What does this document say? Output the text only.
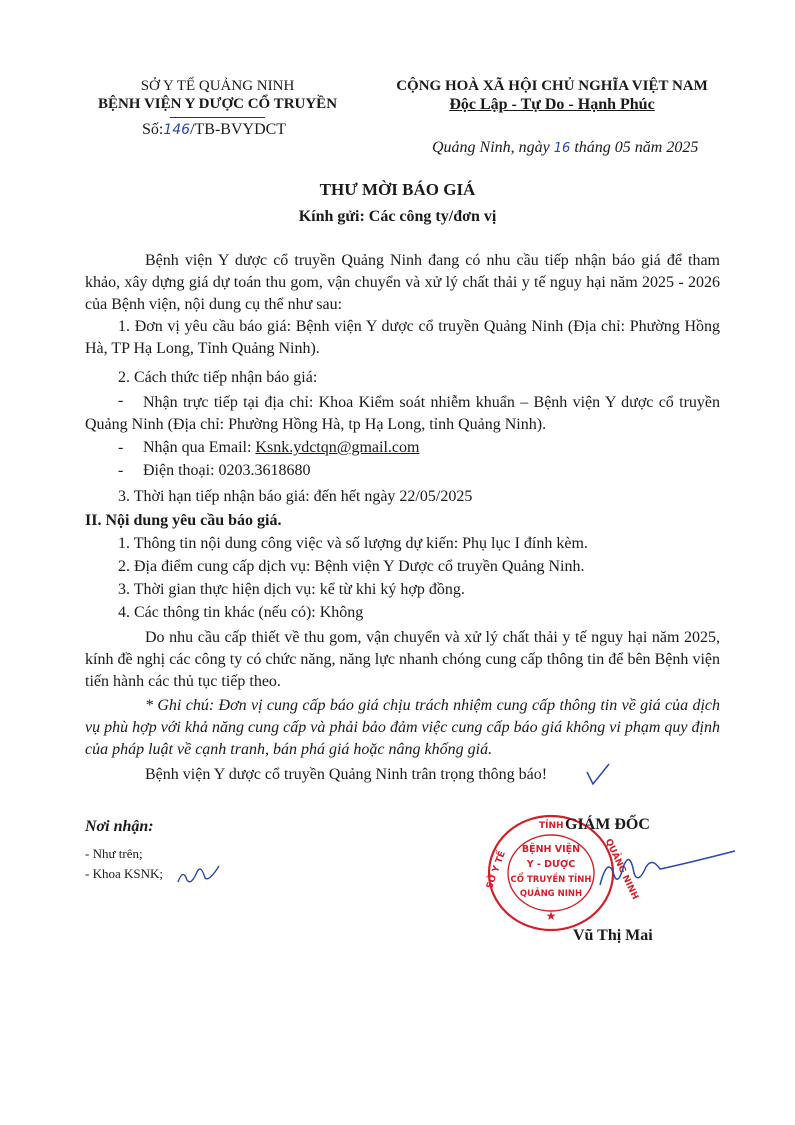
SỞ Y TẾ QUẢNG NINH
BỆNH VIỆN Y DƯỢC CỔ TRUYỀN
Số:146/TB-BVYDCT
CỘNG HOÀ XÃ HỘI CHỦ NGHĨA VIỆT NAM
Độc Lập - Tự Do - Hạnh Phúc
Quảng Ninh, ngày 16 tháng 05 năm 2025
THƯ MỜI BÁO GIÁ
Kính gửi: Các công ty/đơn vị
Bệnh viện Y dược cổ truyền Quảng Ninh đang có nhu cầu tiếp nhận báo giá để tham khảo, xây dựng giá dự toán thu gom, vận chuyển và xử lý chất thải y tế nguy hại năm 2025 - 2026 của Bệnh viện, nội dung cụ thể như sau:
1. Đơn vị yêu cầu báo giá: Bệnh viện Y dược cổ truyền Quảng Ninh (Địa chỉ: Phường Hồng Hà, TP Hạ Long, Tỉnh Quảng Ninh).
2. Cách thức tiếp nhận báo giá:
-	Nhận trực tiếp tại địa chỉ: Khoa Kiểm soát nhiễm khuẩn – Bệnh viện Y dược cổ truyền Quảng Ninh (Địa chỉ: Phường Hồng Hà, tp Hạ Long, tỉnh Quảng Ninh).
- Nhận qua Email: Ksnk.ydctqn@gmail.com
- Điện thoại: 0203.3618680
3. Thời hạn tiếp nhận báo giá: đến hết ngày 22/05/2025
II. Nội dung yêu cầu báo giá.
1. Thông tin nội dung công việc và số lượng dự kiến: Phụ lục I đính kèm.
2. Địa điểm cung cấp dịch vụ: Bệnh viện Y Dược cổ truyền Quảng Ninh.
3. Thời gian thực hiện dịch vụ: kể từ khi ký hợp đồng.
4. Các thông tin khác (nếu có): Không
Do nhu cầu cấp thiết về thu gom, vận chuyển và xử lý chất thải y tế nguy hại năm 2025, kính đề nghị các công ty có chức năng, năng lực nhanh chóng cung cấp thông tin để bên Bệnh viện tiến hành các thủ tục tiếp theo.
* Ghi chú: Đơn vị cung cấp báo giá chịu trách nhiệm cung cấp thông tin về giá của dịch vụ phù hợp với khả năng cung cấp và phải bảo đảm việc cung cấp báo giá không vi phạm quy định của pháp luật về cạnh tranh, bán phá giá hoặc nâng khống giá.
Bệnh viện Y dược cổ truyền Quảng Ninh trân trọng thông báo!
Nơi nhận:
- Như trên;
- Khoa KSNK;
TỈNH
SỞ Y TẾ	QUẢNG NINH
BỆNH VIỆN
Y - DƯỢC
CỔ TRUYỀN TỈNH
QUẢNG NINH
★
GIÁM ĐỐC
Vũ Thị Mai
